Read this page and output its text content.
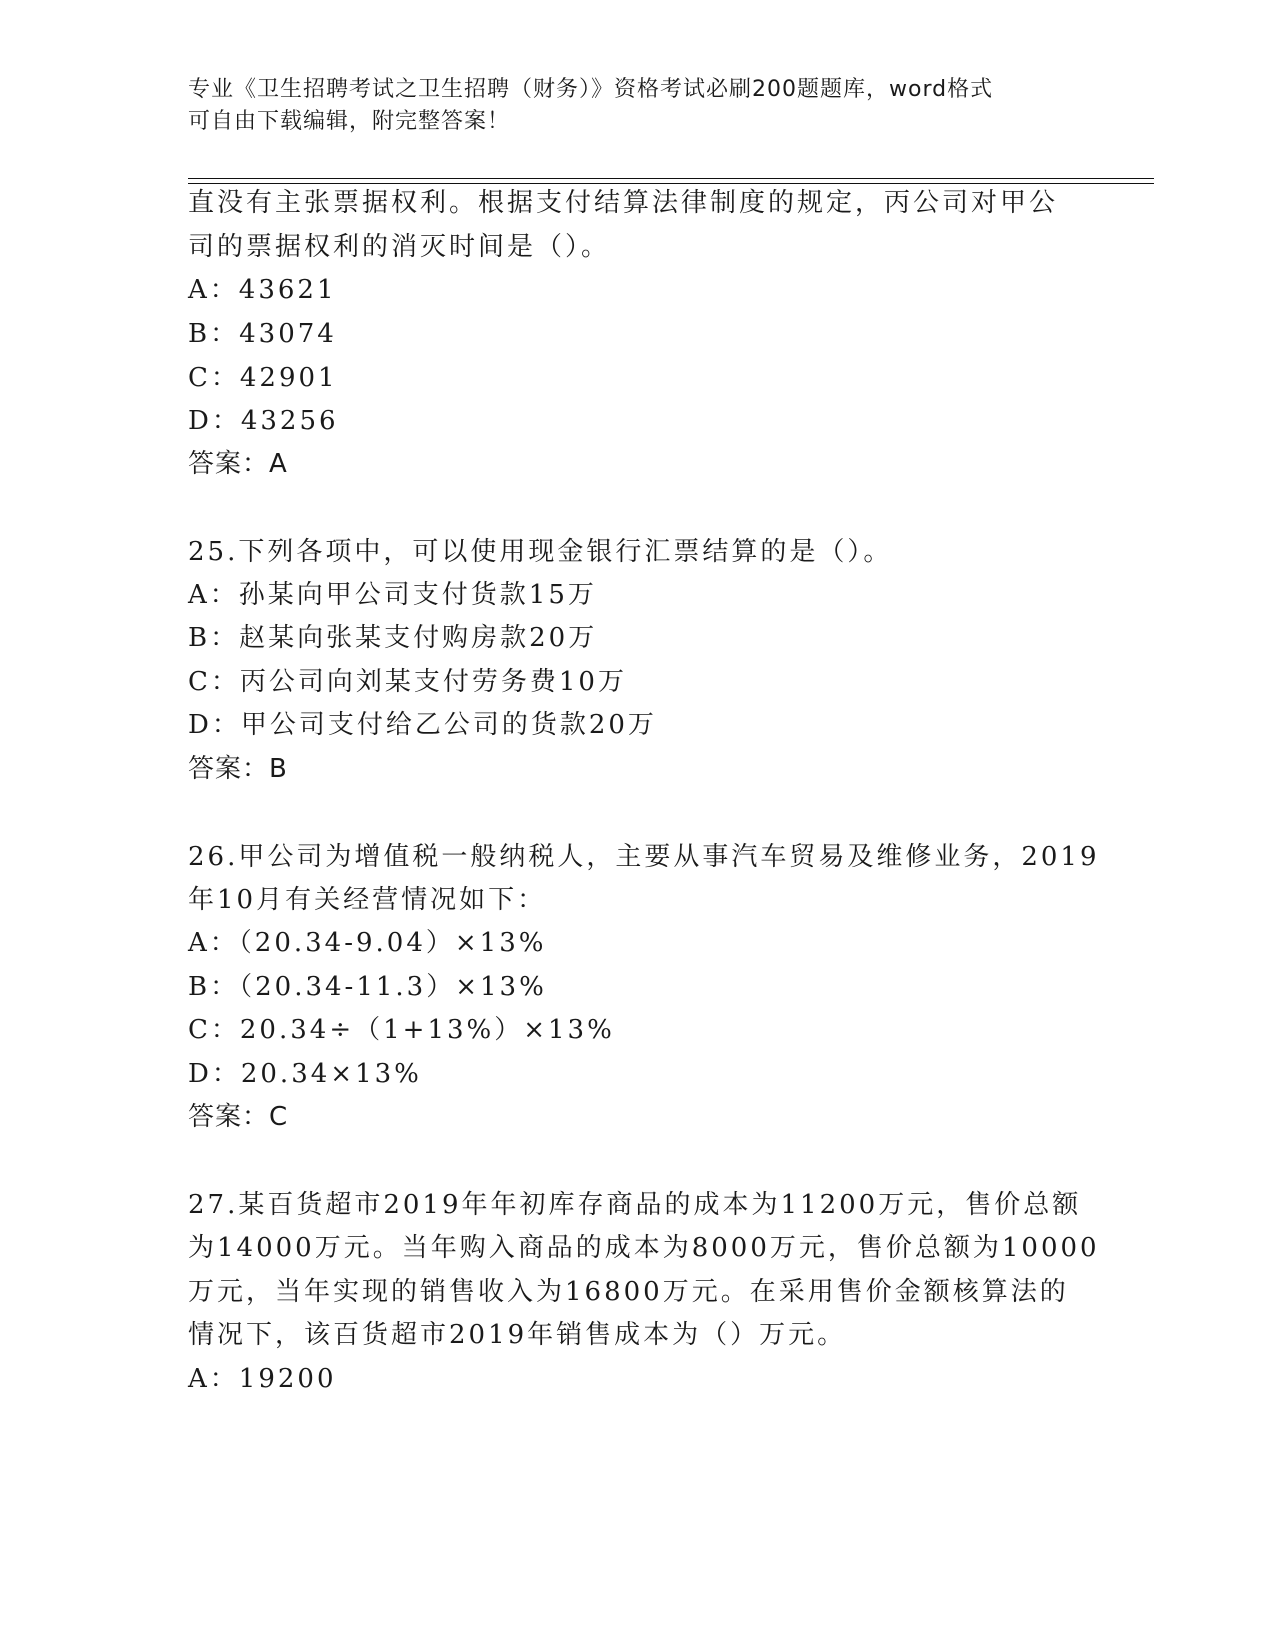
专业《卫生招聘考试之卫生招聘（财务）》资格考试必刷200题题库，word格式
可自由下载编辑，附完整答案！
直没有主张票据权利。根据支付结算法律制度的规定，丙公司对甲公
司的票据权利的消灭时间是（）。
A：43621
B：43074
C：42901
D：43256
答案：A
25.下列各项中，可以使用现金银行汇票结算的是（）。
A：孙某向甲公司支付货款15万
B：赵某向张某支付购房款20万
C：丙公司向刘某支付劳务费10万
D：甲公司支付给乙公司的货款20万
答案：B
26.甲公司为增值税一般纳税人，主要从事汽车贸易及维修业务，2019
年10月有关经营情况如下：
A：（20.34-9.04）×13%
B：（20.34-11.3）×13%
C：20.34÷（1+13%）×13%
D：20.34×13%
答案：C
27.某百货超市2019年年初库存商品的成本为11200万元，售价总额
为14000万元。当年购入商品的成本为8000万元，售价总额为10000
万元，当年实现的销售收入为16800万元。在采用售价金额核算法的
情况下，该百货超市2019年销售成本为（）万元。
A：19200
